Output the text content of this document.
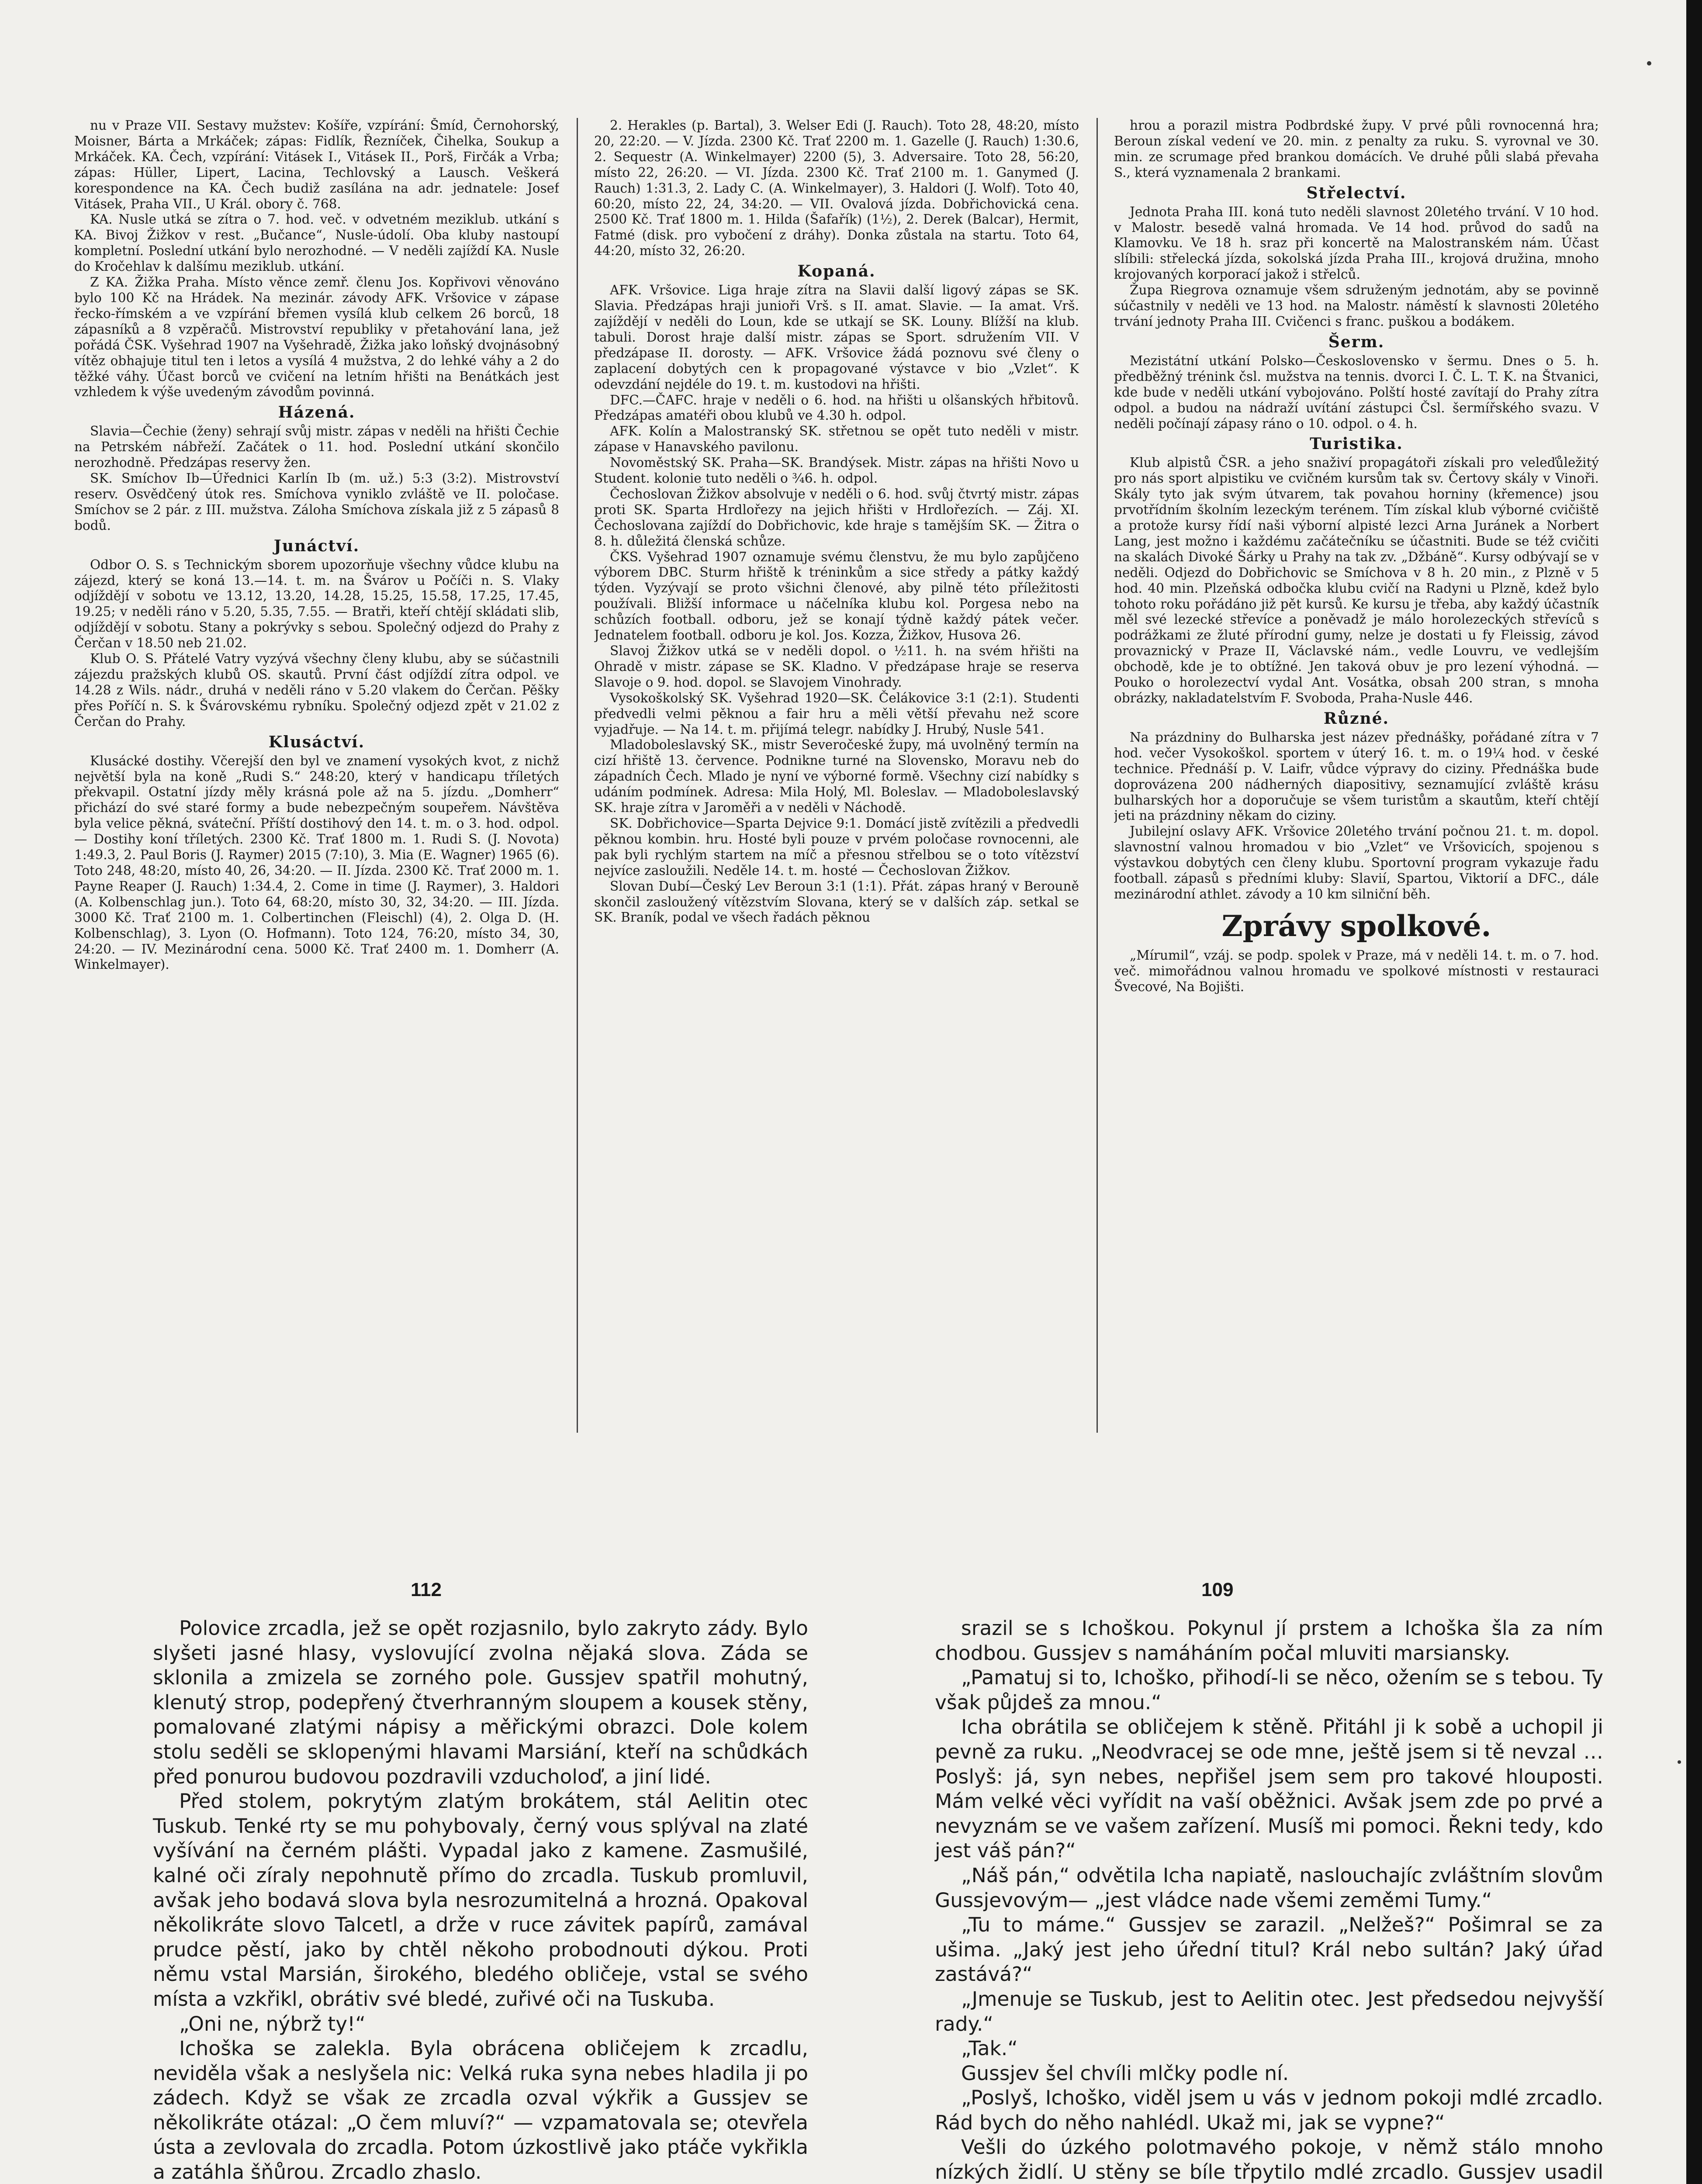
nu v Praze VII. Sestavy mužstev: Košíře, vzpírání: Šmíd, Černohorský, Moisner, Bárta a Mrkáček; zápas: Fidlík, Řezníček, Čihelka, Soukup a Mrkáček. KA. Čech, vzpírání: Vitásek I., Vitásek II., Porš, Firčák a Vrba; zápas: Hüller, Lipert, Lacina, Techlovský a Lausch. Veškerá korespondence na KA. Čech budiž zasílána na adr. jednatele: Josef Vitásek, Praha VII., U Král. obory č. 768.

KA. Nusle utká se zítra o 7. hod. več. v odvetném meziklub. utkání s KA. Bivoj Žižkov v rest. „Bučance“, Nusle-údolí. Oba kluby nastoupí kompletní. Poslední utkání bylo nerozhodné. — V neděli zajíždí KA. Nusle do Kročehlav k dalšímu meziklub. utkání.

Z KA. Žižka Praha. Místo věnce zemř. členu Jos. Kopřivovi věnováno bylo 100 Kč na Hrádek. Na mezinár. závody AFK. Vršovice v zápase řecko-římském a ve vzpírání břemen vysílá klub celkem 26 borců, 18 zápasníků a 8 vzpěračů. Mistrovství republiky v přetahování lana, jež pořádá ČSK. Vyšehrad 1907 na Vyšehradě, Žižka jako loňský dvojnásobný vítěz obhajuje titul ten i letos a vysílá 4 mužstva, 2 do lehké váhy a 2 do těžké váhy. Účast borců ve cvičení na letním hřišti na Benátkách jest vzhledem k výše uvedeným závodům povinná.

Házená.

Slavia—Čechie (ženy) sehrají svůj mistr. zápas v neděli na hřišti Čechie na Petrském nábřeží. Začátek o 11. hod. Poslední utkání skončilo nerozhodně. Předzápas reservy žen.

SK. Smíchov Ib—Úřednici Karlín Ib (m. už.) 5:3 (3:2). Mistrovství reserv. Osvědčený útok res. Smíchova vyniklo zvláště ve II. poločase. Smíchov se 2 pár. z III. mužstva. Záloha Smíchova získala již z 5 zápasů 8 bodů.

Junáctví.

Odbor O. S. s Technickým sborem upozorňuje všechny vůdce klubu na zájezd, který se koná 13.—14. t. m. na Švárov u Počíči n. S. Vlaky odjíždějí v sobotu ve 13.12, 13.20, 14.28, 15.25, 15.58, 17.25, 17.45, 19.25; v neděli ráno v 5.20, 5.35, 7.55. — Bratři, kteří chtějí skládati slib, odjíždějí v sobotu. Stany a pokrývky s sebou. Společný odjezd do Prahy z Čerčan v 18.50 neb 21.02.

Klub O. S. Přátelé Vatry vyzývá všechny členy klubu, aby se súčastnili zájezdu pražských klubů OS. skautů. První část odjíždí zítra odpol. ve 14.28 z Wils. nádr., druhá v neděli ráno v 5.20 vlakem do Čerčan. Pěšky přes Poříčí n. S. k Švárovskému rybníku. Společný odjezd zpět v 21.02 z Čerčan do Prahy.

Klusáctví.

Klusácké dostihy. Včerejší den byl ve znamení vysokých kvot, z nichž největší byla na koně „Rudi S.“ 248:20, který v handicapu tříletých překvapil. Ostatní jízdy měly krásná pole až na 5. jízdu. „Domherr“ přichází do své staré formy a bude nebezpečným soupeřem. Návštěva byla velice pěkná, sváteční. Příští dostihový den 14. t. m. o 3. hod. odpol. — Dostihy koní tříletých. 2300 Kč. Trať 1800 m. 1. Rudi S. (J. Novota) 1:49.3, 2. Paul Boris (J. Raymer) 2015 (7:10), 3. Mia (E. Wagner) 1965 (6). Toto 248, 48:20, místo 40, 26, 34:20. — II. Jízda. 2300 Kč. Trať 2000 m. 1. Payne Reaper (J. Rauch) 1:34.4, 2. Come in time (J. Raymer), 3. Haldori (A. Kolbenschlag jun.). Toto 64, 68:20, místo 30, 32, 34:20. — III. Jízda. 3000 Kč. Trať 2100 m. 1. Colbertinchen (Fleischl) (4), 2. Olga D. (H. Kolbenschlag), 3. Lyon (O. Hofmann). Toto 124, 76:20, místo 34, 30, 24:20. — IV. Mezinárodní cena. 5000 Kč. Trať 2400 m. 1. Domherr (A. Winkelmayer).

2. Herakles (p. Bartal), 3. Welser Edi (J. Rauch). Toto 28, 48:20, místo 20, 22:20. — V. Jízda. 2300 Kč. Trať 2200 m. 1. Gazelle (J. Rauch) 1:30.6, 2. Sequestr (A. Winkelmayer) 2200 (5), 3. Adversaire. Toto 28, 56:20, místo 22, 26:20. — VI. Jízda. 2300 Kč. Trať 2100 m. 1. Ganymed (J. Rauch) 1:31.3, 2. Lady C. (A. Winkelmayer), 3. Haldori (J. Wolf). Toto 40, 60:20, místo 22, 24, 34:20. — VII. Ovalová jízda. Dobřichovická cena. 2500 Kč. Trať 1800 m. 1. Hilda (Šafařík) (1½), 2. Derek (Balcar), Hermit, Fatmé (disk. pro vybočení z dráhy). Donka zůstala na startu. Toto 64, 44:20, místo 32, 26:20.

Kopaná.

AFK. Vršovice. Liga hraje zítra na Slavii další ligový zápas se SK. Slavia. Předzápas hraji junioři Vrš. s II. amat. Slavie. — Ia amat. Vrš. zajíždějí v neděli do Loun, kde se utkají se SK. Louny. Blížší na klub. tabuli. Dorost hraje další mistr. zápas se Sport. sdružením VII. V předzápase II. dorosty. — AFK. Vršovice žádá poznovu své členy o zaplacení dobytých cen k propagované výstavce v bio „Vzlet“. K odevzdání nejdéle do 19. t. m. kustodovi na hřišti.

DFC.—ČAFC. hraje v neděli o 6. hod. na hřišti u olšanských hřbitovů. Předzápas amatéři obou klubů ve 4.30 h. odpol.

AFK. Kolín a Malostranský SK. střetnou se opět tuto neděli v mistr. zápase v Hanavského pavilonu.

Novoměstský SK. Praha—SK. Brandýsek. Mistr. zápas na hřišti Novo u Student. kolonie tuto neděli o ¾6. h. odpol.

Čechoslovan Žižkov absolvuje v neděli o 6. hod. svůj čtvrtý mistr. zápas proti SK. Sparta Hrdlořezy na jejich hřišti v Hrdlořezích. — Záj. XI. Čechoslovana zajíždí do Dobřichovic, kde hraje s tamějším SK. — Žitra o 8. h. důležitá členská schůze.

ČKS. Vyšehrad 1907 oznamuje svému členstvu, že mu bylo zapůjčeno výborem DBC. Sturm hřiště k tréninkům a sice středy a pátky každý týden. Vyzývají se proto všichni členové, aby pilně této příležitosti používali. Bližší informace u náčelníka klubu kol. Porgesa nebo na schůzích football. odboru, jež se konají týdně každý pátek večer. Jednatelem football. odboru je kol. Jos. Kozza, Žižkov, Husova 26.

Slavoj Žižkov utká se v neděli dopol. o ½11. h. na svém hřišti na Ohradě v mistr. zápase se SK. Kladno. V předzápase hraje se reserva Slavoje o 9. hod. dopol. se Slavojem Vinohrady.

Vysokoškolský SK. Vyšehrad 1920—SK. Čelákovice 3:1 (2:1). Studenti předvedli velmi pěknou a fair hru a měli větší převahu než score vyjadřuje. — Na 14. t. m. přijímá telegr. nabídky J. Hrubý, Nusle 541.

Mladoboleslavský SK., mistr Severočeské župy, má uvolněný termín na cizí hřiště 13. července. Podnikne turné na Slovensko, Moravu neb do západních Čech. Mlado je nyní ve výborné formě. Všechny cizí nabídky s udáním podmínek. Adresa: Mila Holý, Ml. Boleslav. — Mladoboleslavský SK. hraje zítra v Jaroměři a v neděli v Náchodě.

SK. Dobřichovice—Sparta Dejvice 9:1. Domácí jistě zvítězili a předvedli pěknou kombin. hru. Hosté byli pouze v prvém poločase rovnocenni, ale pak byli rychlým startem na míč a přesnou střelbou se o toto vítězství nejvíce zasloužili. Neděle 14. t. m. hosté — Čechoslovan Žižkov.

Slovan Dubí—Český Lev Beroun 3:1 (1:1). Přát. zápas hraný v Berouně skončil zasloužený vítězstvím Slovana, který se v dalších záp. setkal se SK. Braník, podal ve všech řadách pěknou

hrou a porazil mistra Podbrdské župy. V prvé půli rovnocenná hra; Beroun získal vedení ve 20. min. z penalty za ruku. S. vyrovnal ve 30. min. ze scrumage před brankou domácích. Ve druhé půli slabá převaha S., která vyznamenala 2 brankami.

Střelectví.

Jednota Praha III. koná tuto neděli slavnost 20letého trvání. V 10 hod. v Malostr. besedě valná hromada. Ve 14 hod. průvod do sadů na Klamovku. Ve 18 h. sraz při koncertě na Malostranském nám. Účast slíbili: střelecká jízda, sokolská jízda Praha III., krojová družina, mnoho krojovaných korporací jakož i střelců.

Župa Riegrova oznamuje všem sdruženým jednotám, aby se povinně súčastnily v neděli ve 13 hod. na Malostr. náměstí k slavnosti 20letého trvání jednoty Praha III. Cvičenci s franc. puškou a bodákem.

Šerm.

Mezistátní utkání Polsko—Československo v šermu. Dnes o 5. h. předběžný trénink čsl. mužstva na tennis. dvorci I. Č. L. T. K. na Štvanici, kde bude v neděli utkání vybojováno. Polští hosté zavítají do Prahy zítra odpol. a budou na nádraží uvítání zástupci Čsl. šermířského svazu. V neděli počínají zápasy ráno o 10. odpol. o 4. h.

Turistika.

Klub alpistů ČSR. a jeho snaživí propagátoři získali pro veleďůležitý pro nás sport alpistiku ve cvičném kursům tak sv. Čertovy skály v Vinoři. Skály tyto jak svým útvarem, tak povahou horniny (křemence) jsou prvotřídním školním lezeckým terénem. Tím získal klub výborné cvičiště a protože kursy řídí naši výborní alpisté lezci Arna Juránek a Norbert Lang, jest možno i každému začátečníku se účastniti. Bude se též cvičiti na skalách Divoké Šárky u Prahy na tak zv. „Džbáně“. Kursy odbývají se v neděli. Odjezd do Dobřichovic se Smíchova v 8 h. 20 min., z Plzně v 5 hod. 40 min. Plzeňská odbočka klubu cvičí na Radyni u Plzně, kdež bylo tohoto roku pořádáno již pět kursů. Ke kursu je třeba, aby každý účastník měl své lezecké střevíce a poněvadž je málo horolezeckých střevíců s podrážkami ze žluté přírodní gumy, nelze je dostati u fy Fleissig, závod provaznický v Praze II, Václavské nám., vedle Louvru, ve vedlejším obchodě, kde je to obtížné. Jen taková obuv je pro lezení výhodná. — Pouko o horolezectví vydal Ant. Vosátka, obsah 200 stran, s mnoha obrázky, nakladatelstvím F. Svoboda, Praha-Nusle 446.

Různé.

Na prázdniny do Bulharska jest název přednášky, pořádané zítra v 7 hod. večer Vysokoškol. sportem v úterý 16. t. m. o 19¼ hod. v české technice. Přednáší p. V. Laifr, vůdce výpravy do ciziny. Přednáška bude doprovázena 200 nádherných diapositivy, seznamující zvláště krásu bulharských hor a doporučuje se všem turistům a skautům, kteří chtějí jeti na prázdniny někam do ciziny.

Jubilejní oslavy AFK. Vršovice 20letého trvání počnou 21. t. m. dopol. slavnostní valnou hromadou v bio „Vzlet“ ve Vršovicích, spojenou s výstavkou dobytých cen členy klubu. Sportovní program vykazuje řadu football. zápasů s předními kluby: Slavií, Spartou, Viktorií a DFC., dále mezinárodní athlet. závody a 10 km silniční běh.

Zprávy spolkové.

„Mírumil“, vzáj. se podp. spolek v Praze, má v neděli 14. t. m. o 7. hod. več. mimořádnou valnou hromadu ve spolkové místnosti v restauraci Švecové, Na Bojišti.

112	109

Polovice zrcadla, jež se opět rozjasnilo, bylo zakryto zády. Bylo slyšeti jasné hlasy, vyslovující zvolna nějaká slova. Záda se sklonila a zmizela se zorného pole. Gussjev spatřil mohutný, klenutý strop, podepřený čtverhranným sloupem a kousek stěny, pomalované zlatými nápisy a měřickými obrazci. Dole kolem stolu seděli se sklopenými hlavami Marsiání, kteří na schůdkách před ponurou budovou pozdravili vzducholoď, a jiní lidé.

Před stolem, pokrytým zlatým brokátem, stál Aelitin otec Tuskub. Tenké rty se mu pohybovaly, černý vous splýval na zlaté vyšívání na černém plášti. Vypadal jako z kamene. Zasmušilé, kalné oči zíraly nepohnutě přímo do zrcadla. Tuskub promluvil, avšak jeho bodavá slova byla nesrozumitelná a hrozná. Opakoval několikráte slovo Talcetl, a drže v ruce závitek papírů, zamával prudce pěstí, jako by chtěl někoho probodnouti dýkou. Proti němu vstal Marsián, širokého, bledého obličeje, vstal se svého místa a vzkřikl, obrátiv své bledé, zuřivé oči na Tuskuba.

„Oni ne, nýbrž ty!“

Ichoška se zalekla. Byla obrácena obličejem k zrcadlu, neviděla však a neslyšela nic: Velká ruka syna nebes hladila ji po zádech. Když se však ze zrcadla ozval výkřik a Gussjev se několikráte otázal: „O čem mluví?“ — vzpamatovala se; otevřela ústa a zevlovala do zrcadla. Potom úzkostlivě jako ptáče vykřikla a zatáhla šňůrou. Zrcadlo zhaslo.

srazil se s Ichoškou. Pokynul jí prstem a Ichoška šla za ním chodbou. Gussjev s namáháním počal mluviti marsiansky.

„Pamatuj si to, Ichoško, přihodí-li se něco, ožením se s tebou. Ty však půjdeš za mnou.“

Icha obrátila se obličejem k stěně. Přitáhl ji k sobě a uchopil ji pevně za ruku. „Neodvracej se ode mne, ještě jsem si tě nevzal … Poslyš: já, syn nebes, nepřišel jsem sem pro takové hlouposti. Mám velké věci vyřídit na vaší oběžnici. Avšak jsem zde po prvé a nevyznám se ve vašem zařízení. Musíš mi pomoci. Řekni tedy, kdo jest váš pán?“

„Náš pán,“ odvětila Icha napiatě, naslouchajíc zvláštním slovům Gussjevovým— „jest vládce nade všemi zeměmi Tumy.“

„Tu to máme.“ Gussjev se zarazil. „Nelžeš?“ Pošimral se za ušima. „Jaký jest jeho úřední titul? Král nebo sultán? Jaký úřad zastává?“

„Jmenuje se Tuskub, jest to Aelitin otec. Jest předsedou nejvyšší rady.“

„Tak.“

Gussjev šel chvíli mlčky podle ní.

„Poslyš, Ichoško, viděl jsem u vás v jednom pokoji mdlé zrcadlo. Rád bych do něho nahlédl. Ukaž mi, jak se vypne?“

Vešli do úzkého polotmavého pokoje, v němž stálo mnoho nízkých židlí. U stěny se bíle třpytilo mdlé zrcadlo. Gussjev usadil
